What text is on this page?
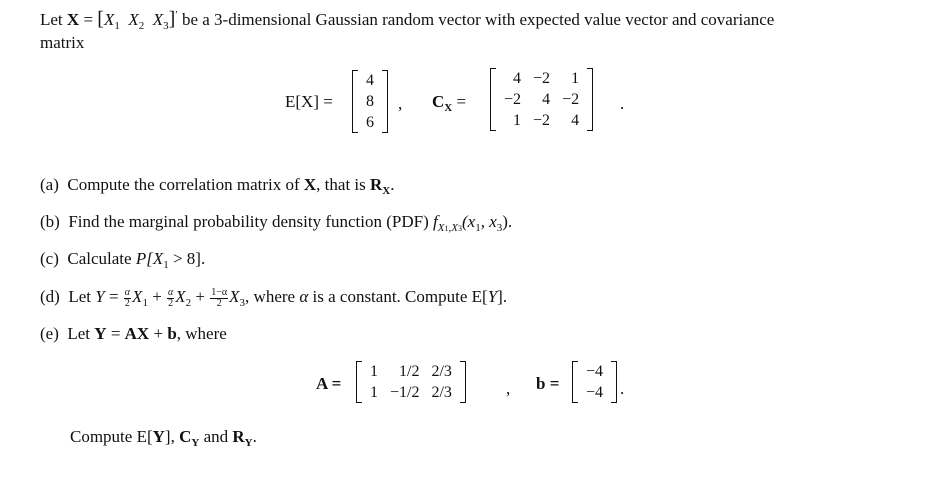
Let $X = [X_1$ $X_2$ $X_3]'$ be a 3-dimensional Gaussian random vector with expected value vector and covariance
matrix
E[X] =
4
8
6
, $C_X$ =
4	−2	1
−2	4	−2
1	−2	4
.
(a) Compute the correlation matrix of X, that is $R_X$.
(b) Find the marginal probability density function (PDF) $f_{X1,X3}(x_1$, $x_3$).
(c) Calculate $P[X_1 > 8]$.
(d) Let $Y = \frac{\alpha}{2} X_1 + \frac{\alpha}{2} X_2 + \frac{1-\alpha}{2} X_3$, where α is a constant. Compute E[Y].
(e) Let Y = AX + b, where
A =
1	1/2	2/3
1	−1/2	2/3	, b =
−4
−4 .
Compute E[Y], $C_Y$ and $R_Y$.
